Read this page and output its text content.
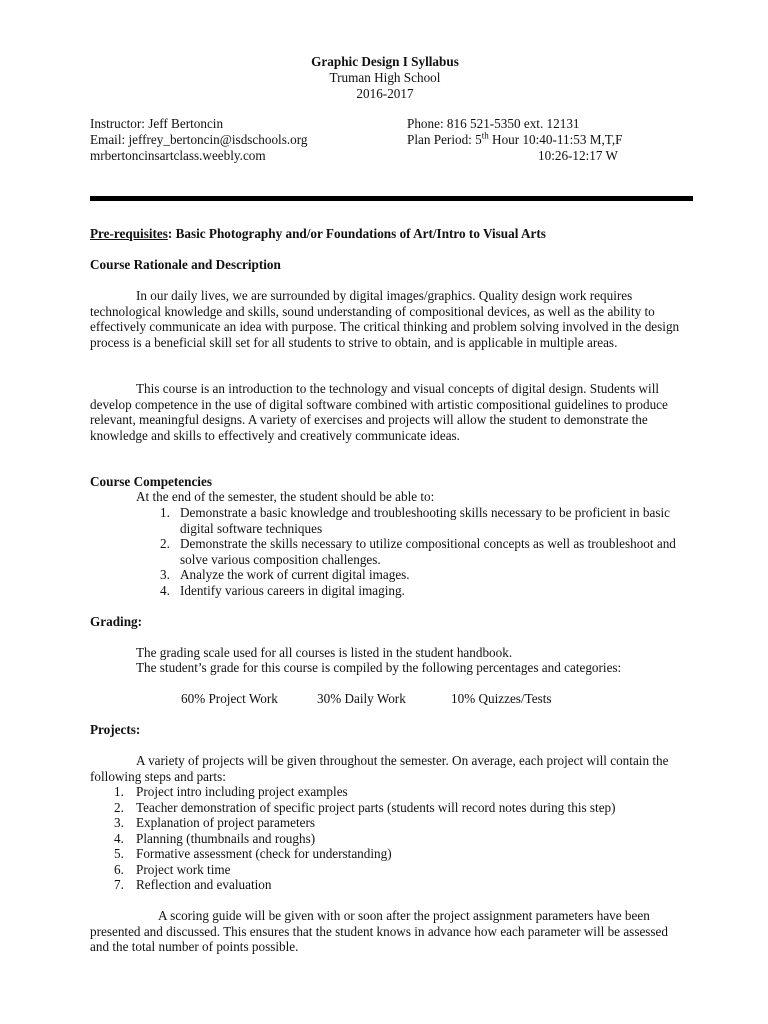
Graphic Design I Syllabus
Truman High School
2016-2017
Instructor: Jeff Bertoncin
Email: jeffrey_bertoncin@isdschools.org
mrbertoncinsartclass.weebly.com
Phone: 816 521-5350 ext. 12131
Plan Period: 5th Hour 10:40-11:53 M,T,F
10:26-12:17 W
Pre-requisites: Basic Photography and/or Foundations of Art/Intro to Visual Arts
Course Rationale and Description
In our daily lives, we are surrounded by digital images/graphics. Quality design work requires technological knowledge and skills, sound understanding of compositional devices, as well as the ability to effectively communicate an idea with purpose. The critical thinking and problem solving involved in the design process is a beneficial skill set for all students to strive to obtain, and is applicable in multiple areas.
This course is an introduction to the technology and visual concepts of digital design. Students will develop competence in the use of digital software combined with artistic compositional guidelines to produce relevant, meaningful designs. A variety of exercises and projects will allow the student to demonstrate the knowledge and skills to effectively and creatively communicate ideas.
Course Competencies
At the end of the semester, the student should be able to:
1. Demonstrate a basic knowledge and troubleshooting skills necessary to be proficient in basic digital software techniques
2. Demonstrate the skills necessary to utilize compositional concepts as well as troubleshoot and solve various composition challenges.
3. Analyze the work of current digital images.
4. Identify various careers in digital imaging.
Grading:
The grading scale used for all courses is listed in the student handbook.
The student’s grade for this course is compiled by the following percentages and categories:
60% Project Work	30% Daily Work	10% Quizzes/Tests
Projects:
A variety of projects will be given throughout the semester. On average, each project will contain the following steps and parts:
1. Project intro including project examples
2. Teacher demonstration of specific project parts (students will record notes during this step)
3. Explanation of project parameters
4. Planning (thumbnails and roughs)
5. Formative assessment (check for understanding)
6. Project work time
7. Reflection and evaluation
A scoring guide will be given with or soon after the project assignment parameters have been presented and discussed. This ensures that the student knows in advance how each parameter will be assessed and the total number of points possible.
